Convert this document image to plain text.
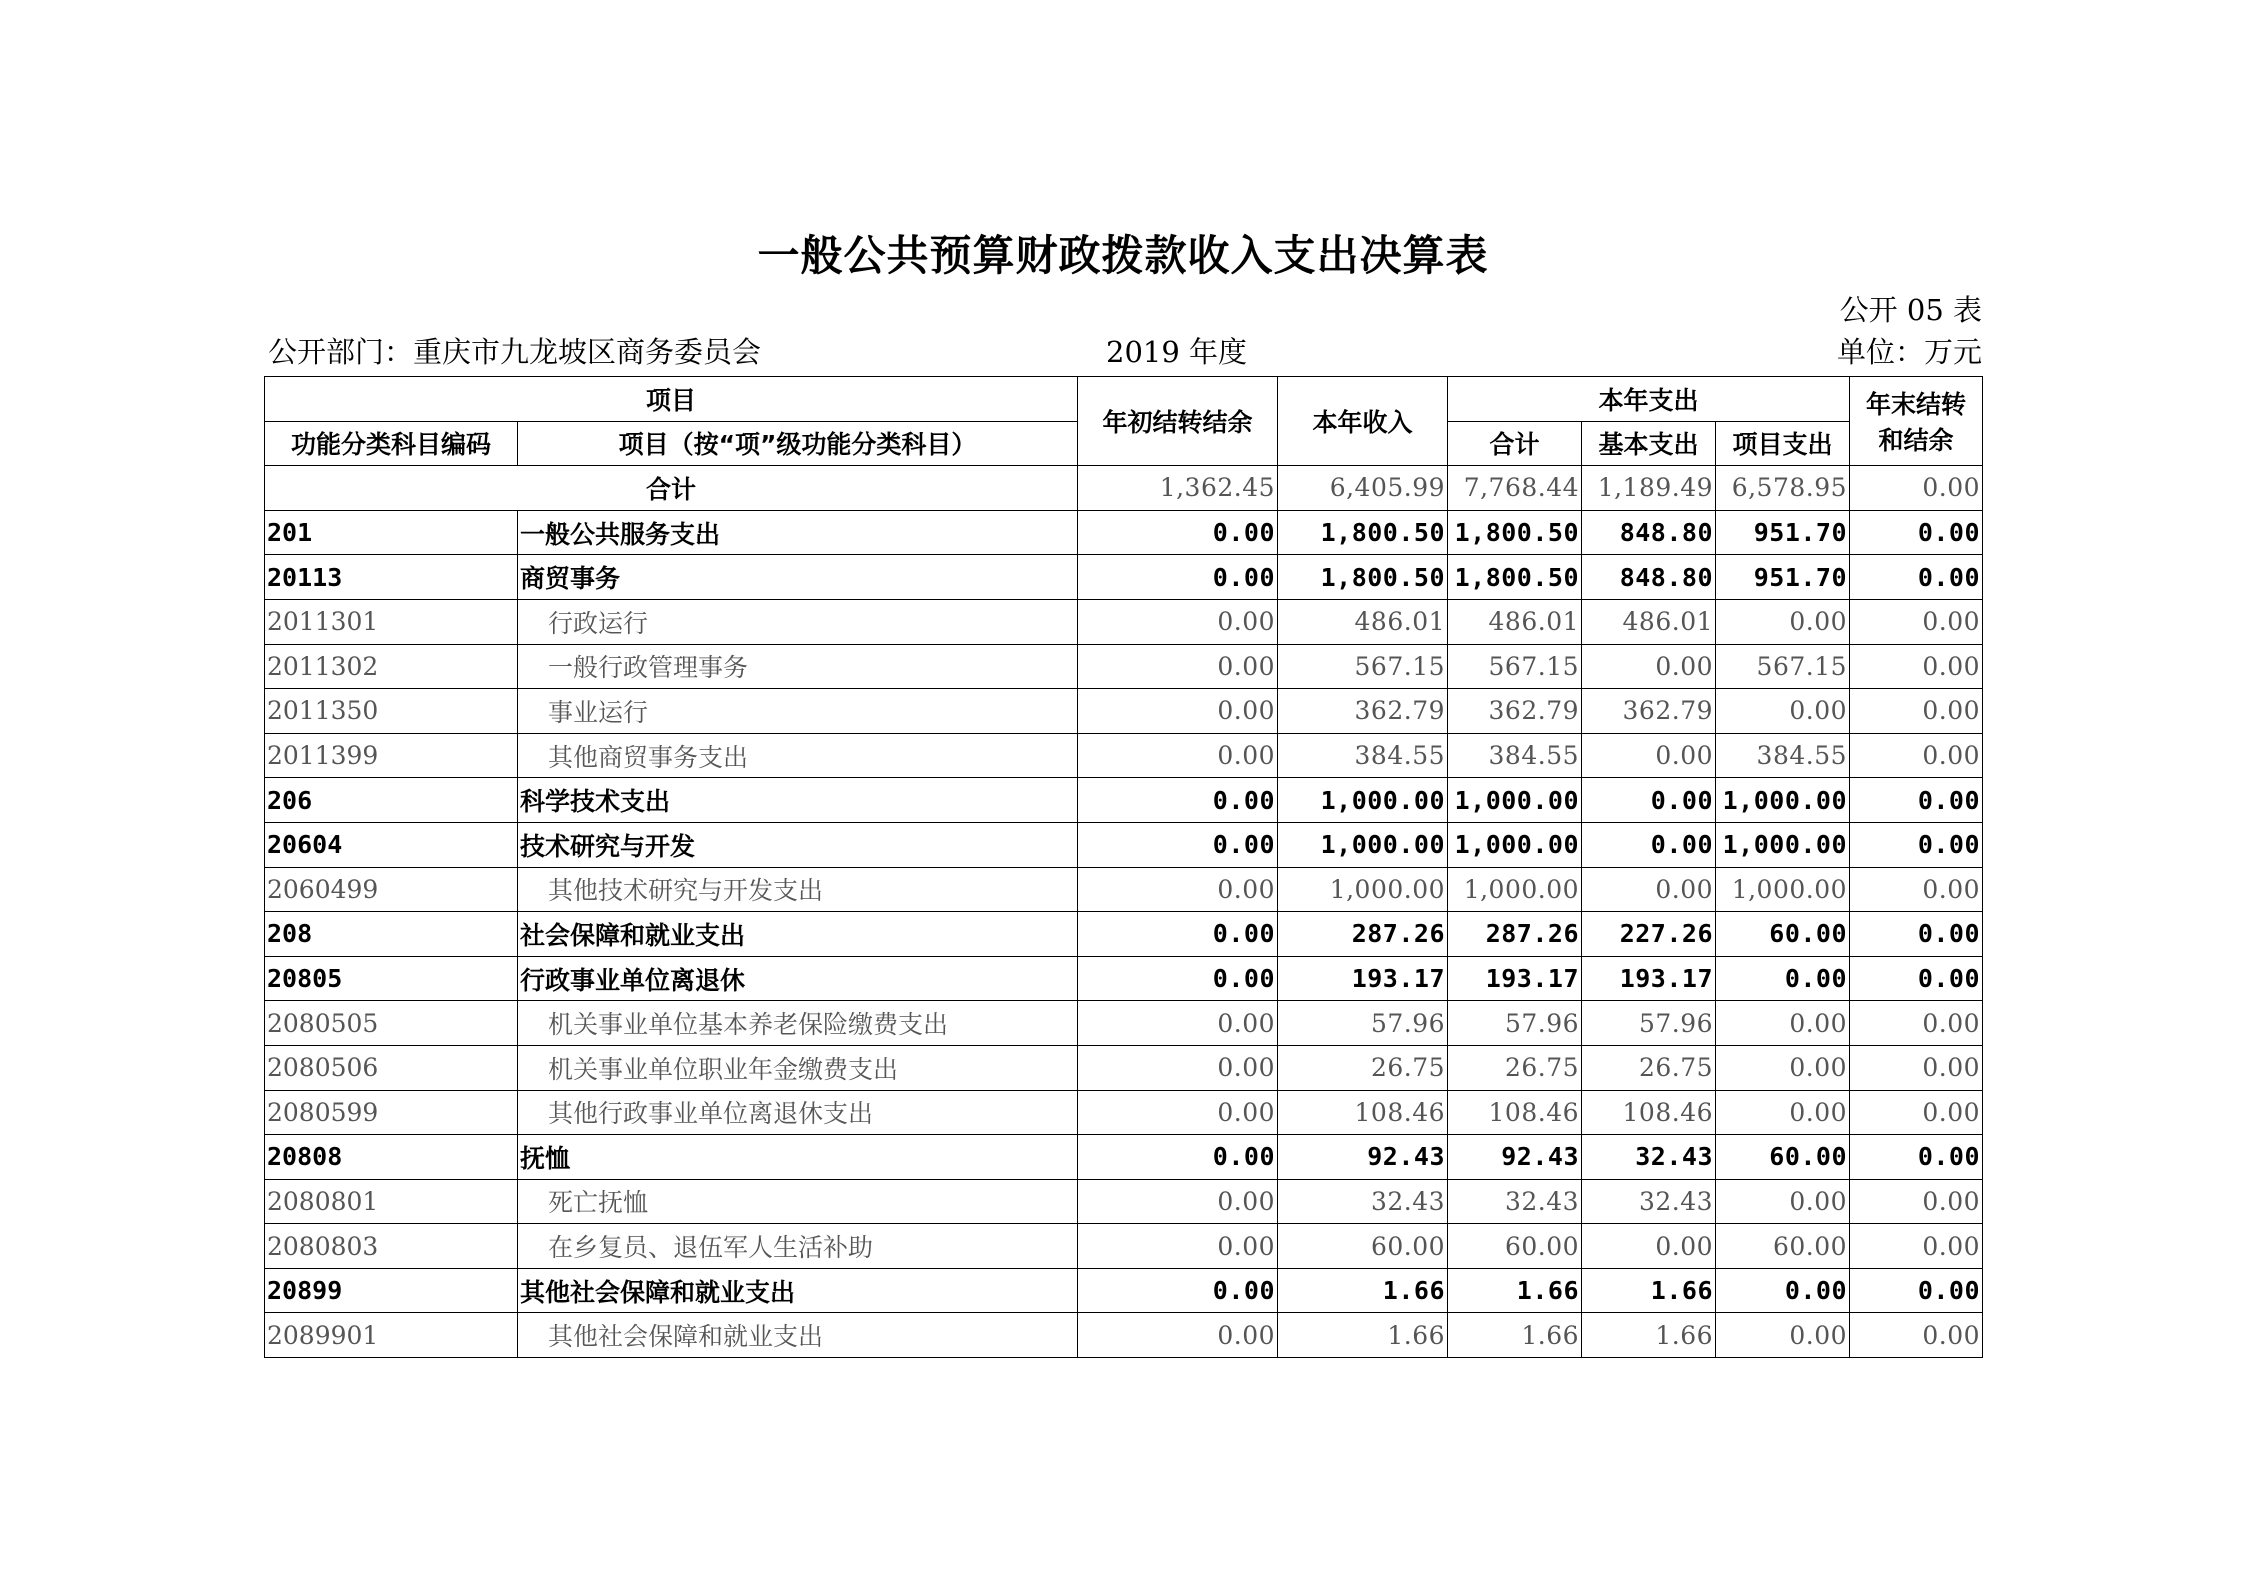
一般公共预算财政拨款收入支出决算表
公开 05 表
公开部门：重庆市九龙坡区商务委员会	2019 年度	单位：万元
项目		年初结转结余	本年收入	本年支出			年末结转
和结余
功能分类科目编码	项目（按“项”级功能分类科目）			合计	基本支出	项目支出	
合计		1,362.45	6,405.99	7,768.44	1,189.49	6,578.95	0.00
201	一般公共服务支出	0.00	1,800.50	1,800.50	848.80	951.70	0.00
20113	商贸事务	0.00	1,800.50	1,800.50	848.80	951.70	0.00
2011301	行政运行	0.00	486.01	486.01	486.01	0.00	0.00
2011302	一般行政管理事务	0.00	567.15	567.15	0.00	567.15	0.00
2011350	事业运行	0.00	362.79	362.79	362.79	0.00	0.00
2011399	其他商贸事务支出	0.00	384.55	384.55	0.00	384.55	0.00
206	科学技术支出	0.00	1,000.00	1,000.00	0.00	1,000.00	0.00
20604	技术研究与开发	0.00	1,000.00	1,000.00	0.00	1,000.00	0.00
2060499	其他技术研究与开发支出	0.00	1,000.00	1,000.00	0.00	1,000.00	0.00
208	社会保障和就业支出	0.00	287.26	287.26	227.26	60.00	0.00
20805	行政事业单位离退休	0.00	193.17	193.17	193.17	0.00	0.00
2080505	机关事业单位基本养老保险缴费支出	0.00	57.96	57.96	57.96	0.00	0.00
2080506	机关事业单位职业年金缴费支出	0.00	26.75	26.75	26.75	0.00	0.00
2080599	其他行政事业单位离退休支出	0.00	108.46	108.46	108.46	0.00	0.00
20808	抚恤	0.00	92.43	92.43	32.43	60.00	0.00
2080801	死亡抚恤	0.00	32.43	32.43	32.43	0.00	0.00
2080803	在乡复员、退伍军人生活补助	0.00	60.00	60.00	0.00	60.00	0.00
20899	其他社会保障和就业支出	0.00	1.66	1.66	1.66	0.00	0.00
2089901	其他社会保障和就业支出	0.00	1.66	1.66	1.66	0.00	0.00
